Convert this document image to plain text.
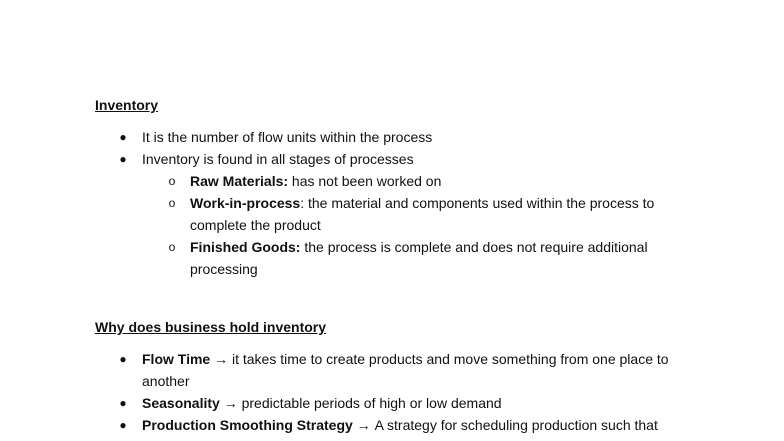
Inventory
● It is the number of flow units within the process
● Inventory is found in all stages of processes
o Raw Materials: has not been worked on
o Work-in-process: the material and components used within the process to complete the product
o Finished Goods: the process is complete and does not require additional processing
Why does business hold inventory
● Flow Time → it takes time to create products and move something from one place to another
● Seasonality → predictable periods of high or low demand
● Production Smoothing Strategy → A strategy for scheduling production such that
